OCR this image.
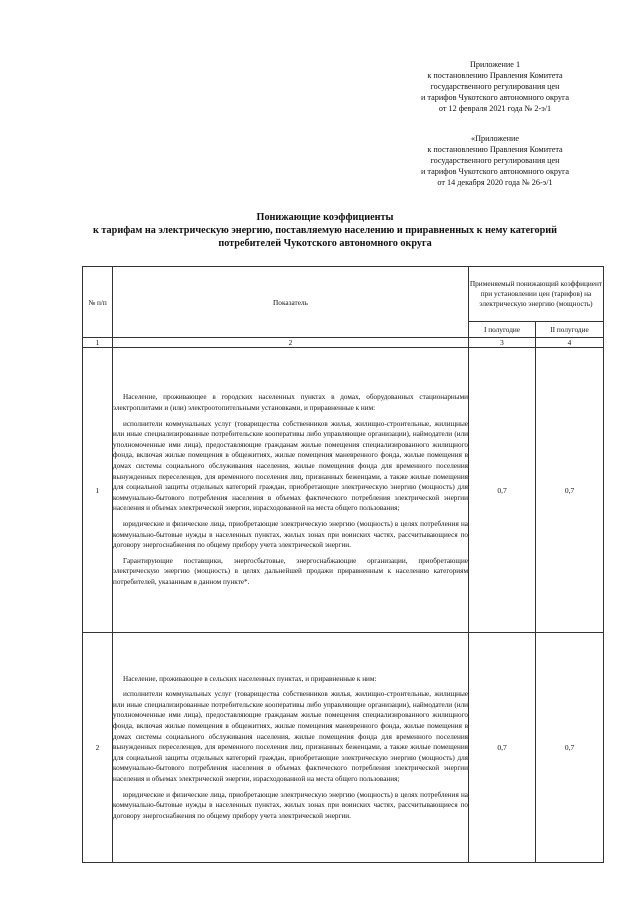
Приложение 1
к постановлению Правления Комитета
государственного регулирования цен
и тарифов Чукотского автономного округа
от 12 февраля 2021 года № 2-э/1
«Приложение
к постановлению Правления Комитета
государственного регулирования цен
и тарифов Чукотского автономного округа
от 14 декабря 2020 года № 26-э/1
Понижающие коэффициенты
к тарифам на электрическую энергию, поставляемую населению и приравненных к нему категорий
потребителей Чукотского автономного округа
№ п/п	Показатель	Применяемый понижающий коэффициент при установлении цен (тарифов) на электрическую энергию (мощность)	
		I полугодие	II полугодие
1	2	3	4
1	Население, проживающее в городских населенных пунктах в домах, оборудованных стационарными электроплитами и (или) электроотопительными установками, и приравненные к ним:

исполнители коммунальных услуг (товарищества собственников жилья, жилищно-строительные, жилищные или иные специализированные потребительские кооперативы либо управляющие организации), наймодатели (или уполномоченные ими лица), предоставляющие гражданам жилые помещения специализированного жилищного фонда, включая жилые помещения в общежитиях, жилые помещения маневренного фонда, жилые помещения в домах системы социального обслуживания населения, жилые помещения фонда для временного поселения вынужденных переселенцев, для временного поселения лиц, признанных беженцами, а также жилые помещения для социальной защиты отдельных категорий граждан, приобретающие электрическую энергию (мощность) для коммунально-бытового потребления населения в объемах фактического потребления электрической энергии населения и объемах электрической энергии, израсходованной на места общего пользования;

юридические и физические лица, приобретающие электрическую энергию (мощность) в целях потребления на коммунально-бытовые нужды в населенных пунктах, жилых зонах при воинских частях, рассчитывающиеся по договору энергоснабжения по общему прибору учета электрической энергии.

Гарантирующие поставщики, энергосбытовые, энергоснабжающие организации, приобретающие электрическую энергию (мощность) в целях дальнейшей продажи приравненным к населению категориям потребителей, указанным в данном пункте*.	0,7	0,7
2	Население, проживающее в сельских населенных пунктах, и приравненные к ним:

исполнители коммунальных услуг (товарищества собственников жилья, жилищно-строительные, жилищные или иные специализированные потребительские кооперативы либо управляющие организации), наймодатели (или уполномоченные ими лица), предоставляющие гражданам жилые помещения специализированного жилищного фонда, включая жилые помещения в общежитиях, жилые помещения маневренного фонда, жилые помещения в домах системы социального обслуживания населения, жилые помещения фонда для временного поселения вынужденных переселенцев, для временного поселения лиц, признанных беженцами, а также жилые помещения для социальной защиты отдельных категорий граждан, приобретающие электрическую энергию (мощность) для коммунально-бытового потребления населения в объемах фактического потребления электрической энергии населения и объемах электрической энергии, израсходованной на места общего пользования;

юридические и физические лица, приобретающие электрическую энергию (мощность) в целях потребления на коммунально-бытовые нужды в населенных пунктах, жилых зонах при воинских частях, рассчитывающиеся по договору энергоснабжения по общему прибору учета электрической энергии.	0,7	0,7
